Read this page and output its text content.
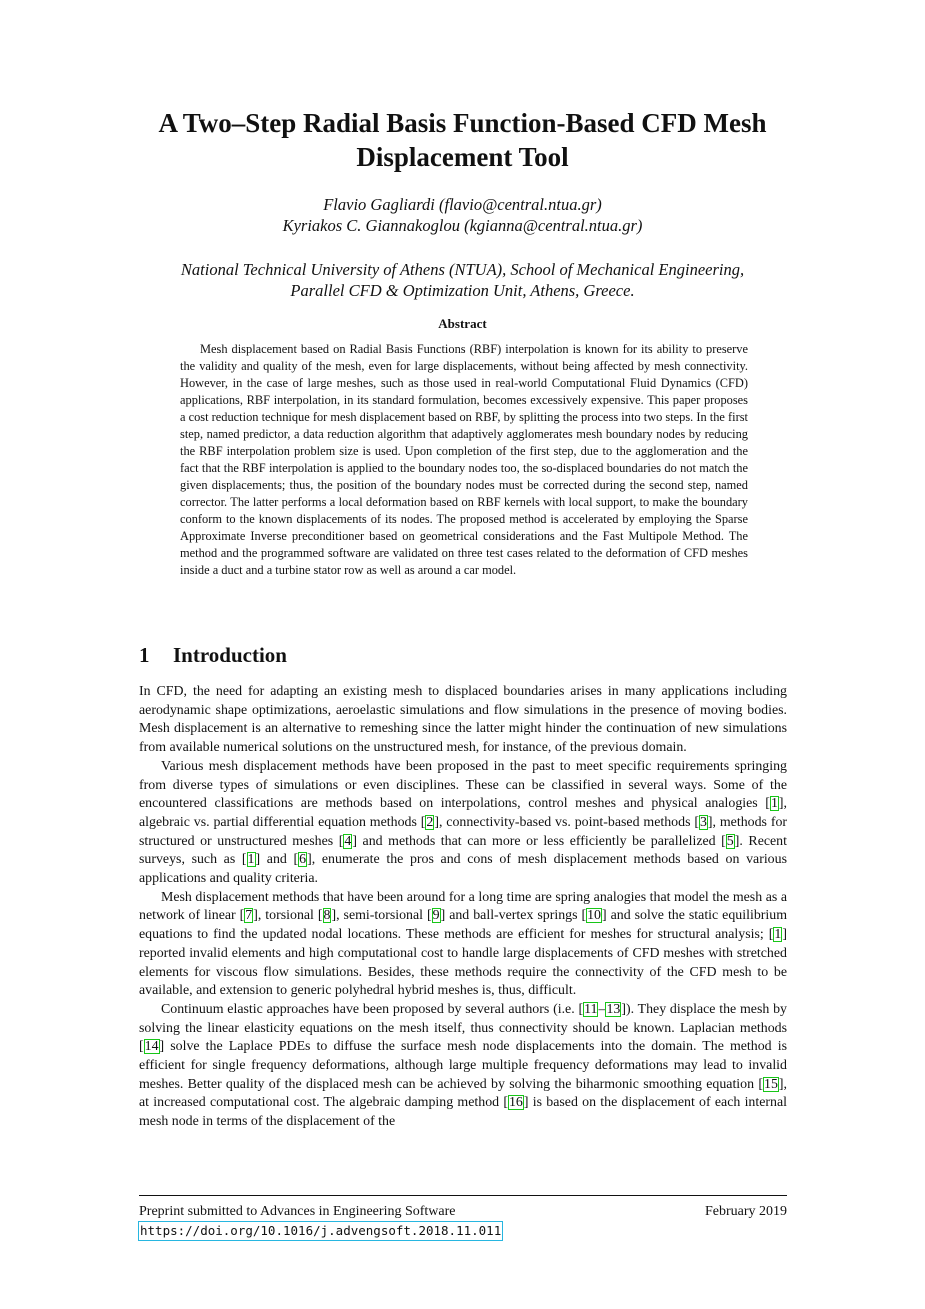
A Two–Step Radial Basis Function-Based CFD Mesh Displacement Tool
Flavio Gagliardi (flavio@central.ntua.gr)
Kyriakos C. Giannakoglou (kgianna@central.ntua.gr)
National Technical University of Athens (NTUA), School of Mechanical Engineering,
Parallel CFD & Optimization Unit, Athens, Greece.
Abstract

Mesh displacement based on Radial Basis Functions (RBF) interpolation is known for its ability to preserve the validity and quality of the mesh, even for large displacements, without being affected by mesh connectivity. However, in the case of large meshes, such as those used in real-world Computational Fluid Dynamics (CFD) applications, RBF interpolation, in its standard formulation, becomes excessively expensive. This paper proposes a cost reduction technique for mesh displacement based on RBF, by splitting the process into two steps. In the first step, named predictor, a data reduction algorithm that adaptively agglomerates mesh boundary nodes by reducing the RBF interpolation problem size is used. Upon completion of the first step, due to the agglomeration and the fact that the RBF interpolation is applied to the boundary nodes too, the so-displaced boundaries do not match the given displacements; thus, the position of the boundary nodes must be corrected during the second step, named corrector. The latter performs a local deformation based on RBF kernels with local support, to make the boundary conform to the known displacements of its nodes. The proposed method is accelerated by employing the Sparse Approximate Inverse preconditioner based on geometrical considerations and the Fast Multipole Method. The method and the programmed software are validated on three test cases related to the deformation of CFD meshes inside a duct and a turbine stator row as well as around a car model.

1 Introduction

In CFD, the need for adapting an existing mesh to displaced boundaries arises in many applications including aerodynamic shape optimizations, aeroelastic simulations and flow simulations in the presence of moving bodies. Mesh displacement is an alternative to remeshing since the latter might hinder the continuation of new simulations from available numerical solutions on the unstructured mesh, for instance, of the previous domain.

Various mesh displacement methods have been proposed in the past to meet specific requirements springing from diverse types of simulations or even disciplines. These can be classified in several ways. Some of the encountered classifications are methods based on interpolations, control meshes and physical analogies [1], algebraic vs. partial differential equation methods [2], connectivity-based vs. point-based methods [3], methods for structured or unstructured meshes [4] and methods that can more or less efficiently be parallelized [5]. Recent surveys, such as [1] and [6], enumerate the pros and cons of mesh displacement methods based on various applications and quality criteria.

Mesh displacement methods that have been around for a long time are spring analogies that model the mesh as a network of linear [7], torsional [8], semi-torsional [9] and ball-vertex springs [10] and solve the static equilibrium equations to find the updated nodal locations. These methods are efficient for meshes for structural analysis; [1] reported invalid elements and high computational cost to handle large displacements of CFD meshes with stretched elements for viscous flow simulations. Besides, these methods require the connectivity of the CFD mesh to be available, and extension to generic polyhedral hybrid meshes is, thus, difficult.

Continuum elastic approaches have been proposed by several authors (i.e. [11–13]). They displace the mesh by solving the linear elasticity equations on the mesh itself, thus connectivity should be known. Laplacian methods [14] solve the Laplace PDEs to diffuse the surface mesh node displacements into the domain. The method is efficient for single frequency deformations, although large multiple frequency deformations may lead to invalid meshes. Better quality of the displaced mesh can be achieved by solving the biharmonic smoothing equation [15], at increased computational cost. The algebraic damping method [16] is based on the displacement of each internal mesh node in terms of the displacement of the

Preprint submitted to Advances in Engineering Software	February 2019
https://doi.org/10.1016/j.advengsoft.2018.11.011
